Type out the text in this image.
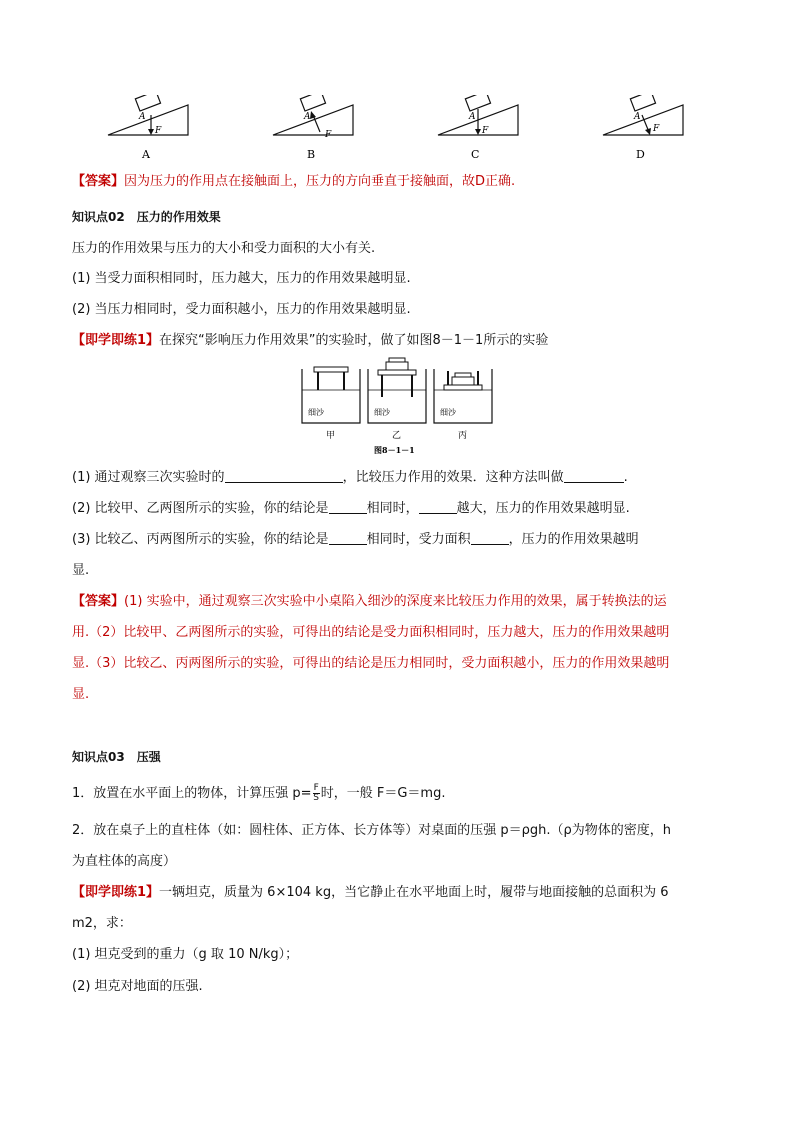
A
F
A
A
F
B
A
F
C
A
F
D
【答案】因为压力的作用点在接触面上，压力的方向垂直于接触面，故D正确.
知识点02　压力的作用效果
压力的作用效果与压力的大小和受力面积的大小有关.
(1) 当受力面积相同时，压力越大，压力的作用效果越明显.
(2) 当压力相同时，受力面积越小，压力的作用效果越明显.
【即学即练1】在探究“影响压力作用效果”的实验时，做了如图8－1－1所示的实验
细沙
甲
细沙
乙
细沙
丙
图8－1－1
(1) 通过观察三次实验时的	，比较压力作用的效果．这种方法叫做	.
(2) 比较甲、乙两图所示的实验，你的结论是	相同时，	越大，压力的作用效果越明显.
(3) 比较乙、丙两图所示的实验，你的结论是	相同时，受力面积	，压力的作用效果越明
显.
【答案】(1) 实验中，通过观察三次实验中小桌陷入细沙的深度来比较压力作用的效果，属于转换法的运
用.（2）比较甲、乙两图所示的实验，可得出的结论是受力面积相同时，压力越大，压力的作用效果越明
显.（3）比较乙、丙两图所示的实验，可得出的结论是压力相同时，受力面积越小，压力的作用效果越明
显.
知识点03　压强
1．放置在水平面上的物体，计算压强 $p= \frac{F}{S}$ 时，一般 F＝G＝mg.
2．放在桌子上的直柱体（如：圆柱体、正方体、长方体等）对桌面的压强 p＝ρgh.（ρ为物体的密度，h
为直柱体的高度）
【即学即练1】一辆坦克，质量为 6×104 kg，当它静止在水平地面上时，履带与地面接触的总面积为 6
m2，求：
(1) 坦克受到的重力（g 取 10 N/kg）；
(2) 坦克对地面的压强.
